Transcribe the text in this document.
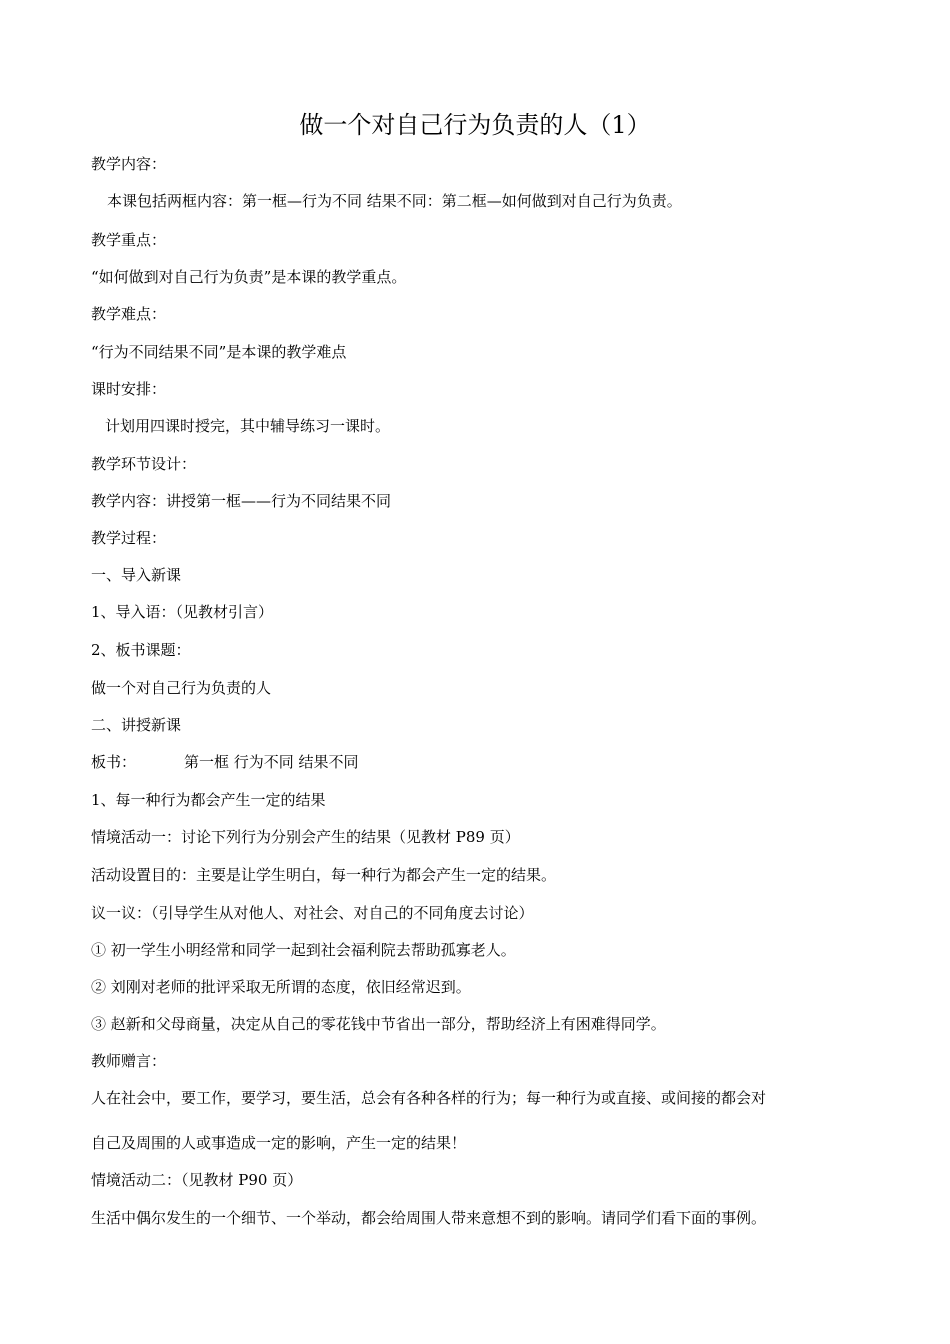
做一个对自己行为负责的人（1）
教学内容：
本课包括两框内容：第一框—行为不同 结果不同：第二框—如何做到对自己行为负责。
教学重点：
“如何做到对自己行为负责”是本课的教学重点。
教学难点：
“行为不同结果不同”是本课的教学难点
课时安排：
计划用四课时授完，其中辅导练习一课时。
教学环节设计：
教学内容：讲授第一框——行为不同结果不同
教学过程：
一、导入新课
1、导入语：（见教材引言）
2、板书课题：
做一个对自己行为负责的人
二、讲授新课
板书：	第一框 行为不同 结果不同
1、每一种行为都会产生一定的结果
情境活动一：讨论下列行为分别会产生的结果（见教材 P89 页）
活动设置目的：主要是让学生明白，每一种行为都会产生一定的结果。
议一议：（引导学生从对他人、对社会、对自己的不同角度去讨论）
① 初一学生小明经常和同学一起到社会福利院去帮助孤寡老人。
② 刘刚对老师的批评采取无所谓的态度，依旧经常迟到。
③ 赵新和父母商量，决定从自己的零花钱中节省出一部分，帮助经济上有困难得同学。
教师赠言：
人在社会中，要工作，要学习，要生活，总会有各种各样的行为；每一种行为或直接、或间接的都会对
自己及周围的人或事造成一定的影响，产生一定的结果！
情境活动二：（见教材 P90 页）
生活中偶尔发生的一个细节、一个举动，都会给周围人带来意想不到的影响。请同学们看下面的事例。
